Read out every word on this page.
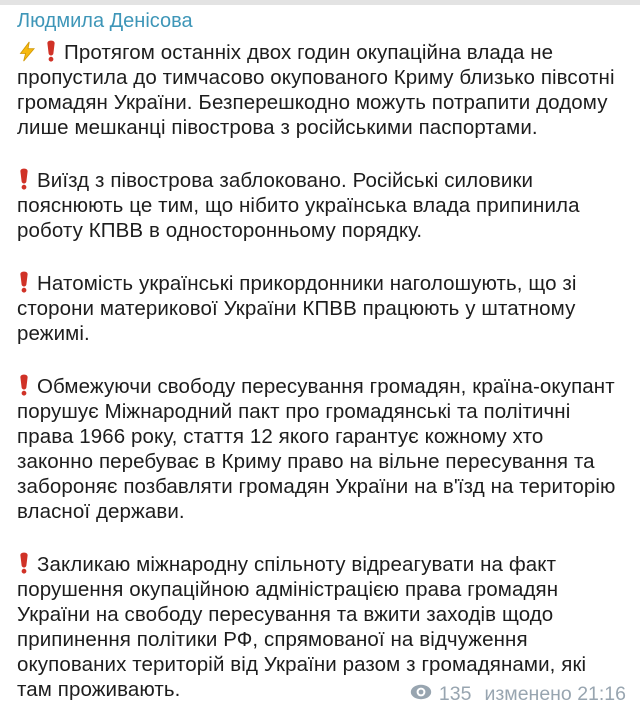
Людмила Денісова

Протягом останніх двох годин окупаційна влада не пропустила до тимчасово окупованого Криму близько півсотні громадян України. Безперешкодно можуть потрапити додому лише мешканці півострова з російськими паспортами.

Виїзд з півострова заблоковано. Російські силовики пояснюють це тим, що нібито українська влада припинила роботу КПВВ в односторонньому порядку.

Натомість українські прикордонники наголошують, що зі сторони материкової України КПВВ працюють у штатному режимі.

Обмежуючи свободу пересування громадян, країна-окупант порушує Міжнародний пакт про громадянські та політичні права 1966 року, стаття 12 якого гарантує кожному хто законно перебуває в Криму право на вільне пересування та забороняє позбавляти громадян України на в'їзд на територію власної держави.

Закликаю міжнародну спільноту відреагувати на факт порушення окупаційною адміністрацією права громадян України на свободу пересування та вжити заходів щодо припинення політики РФ, спрямованої на відчуження окупованих територій від України разом з громадянами, які там проживають.	135 изменено 21:16
